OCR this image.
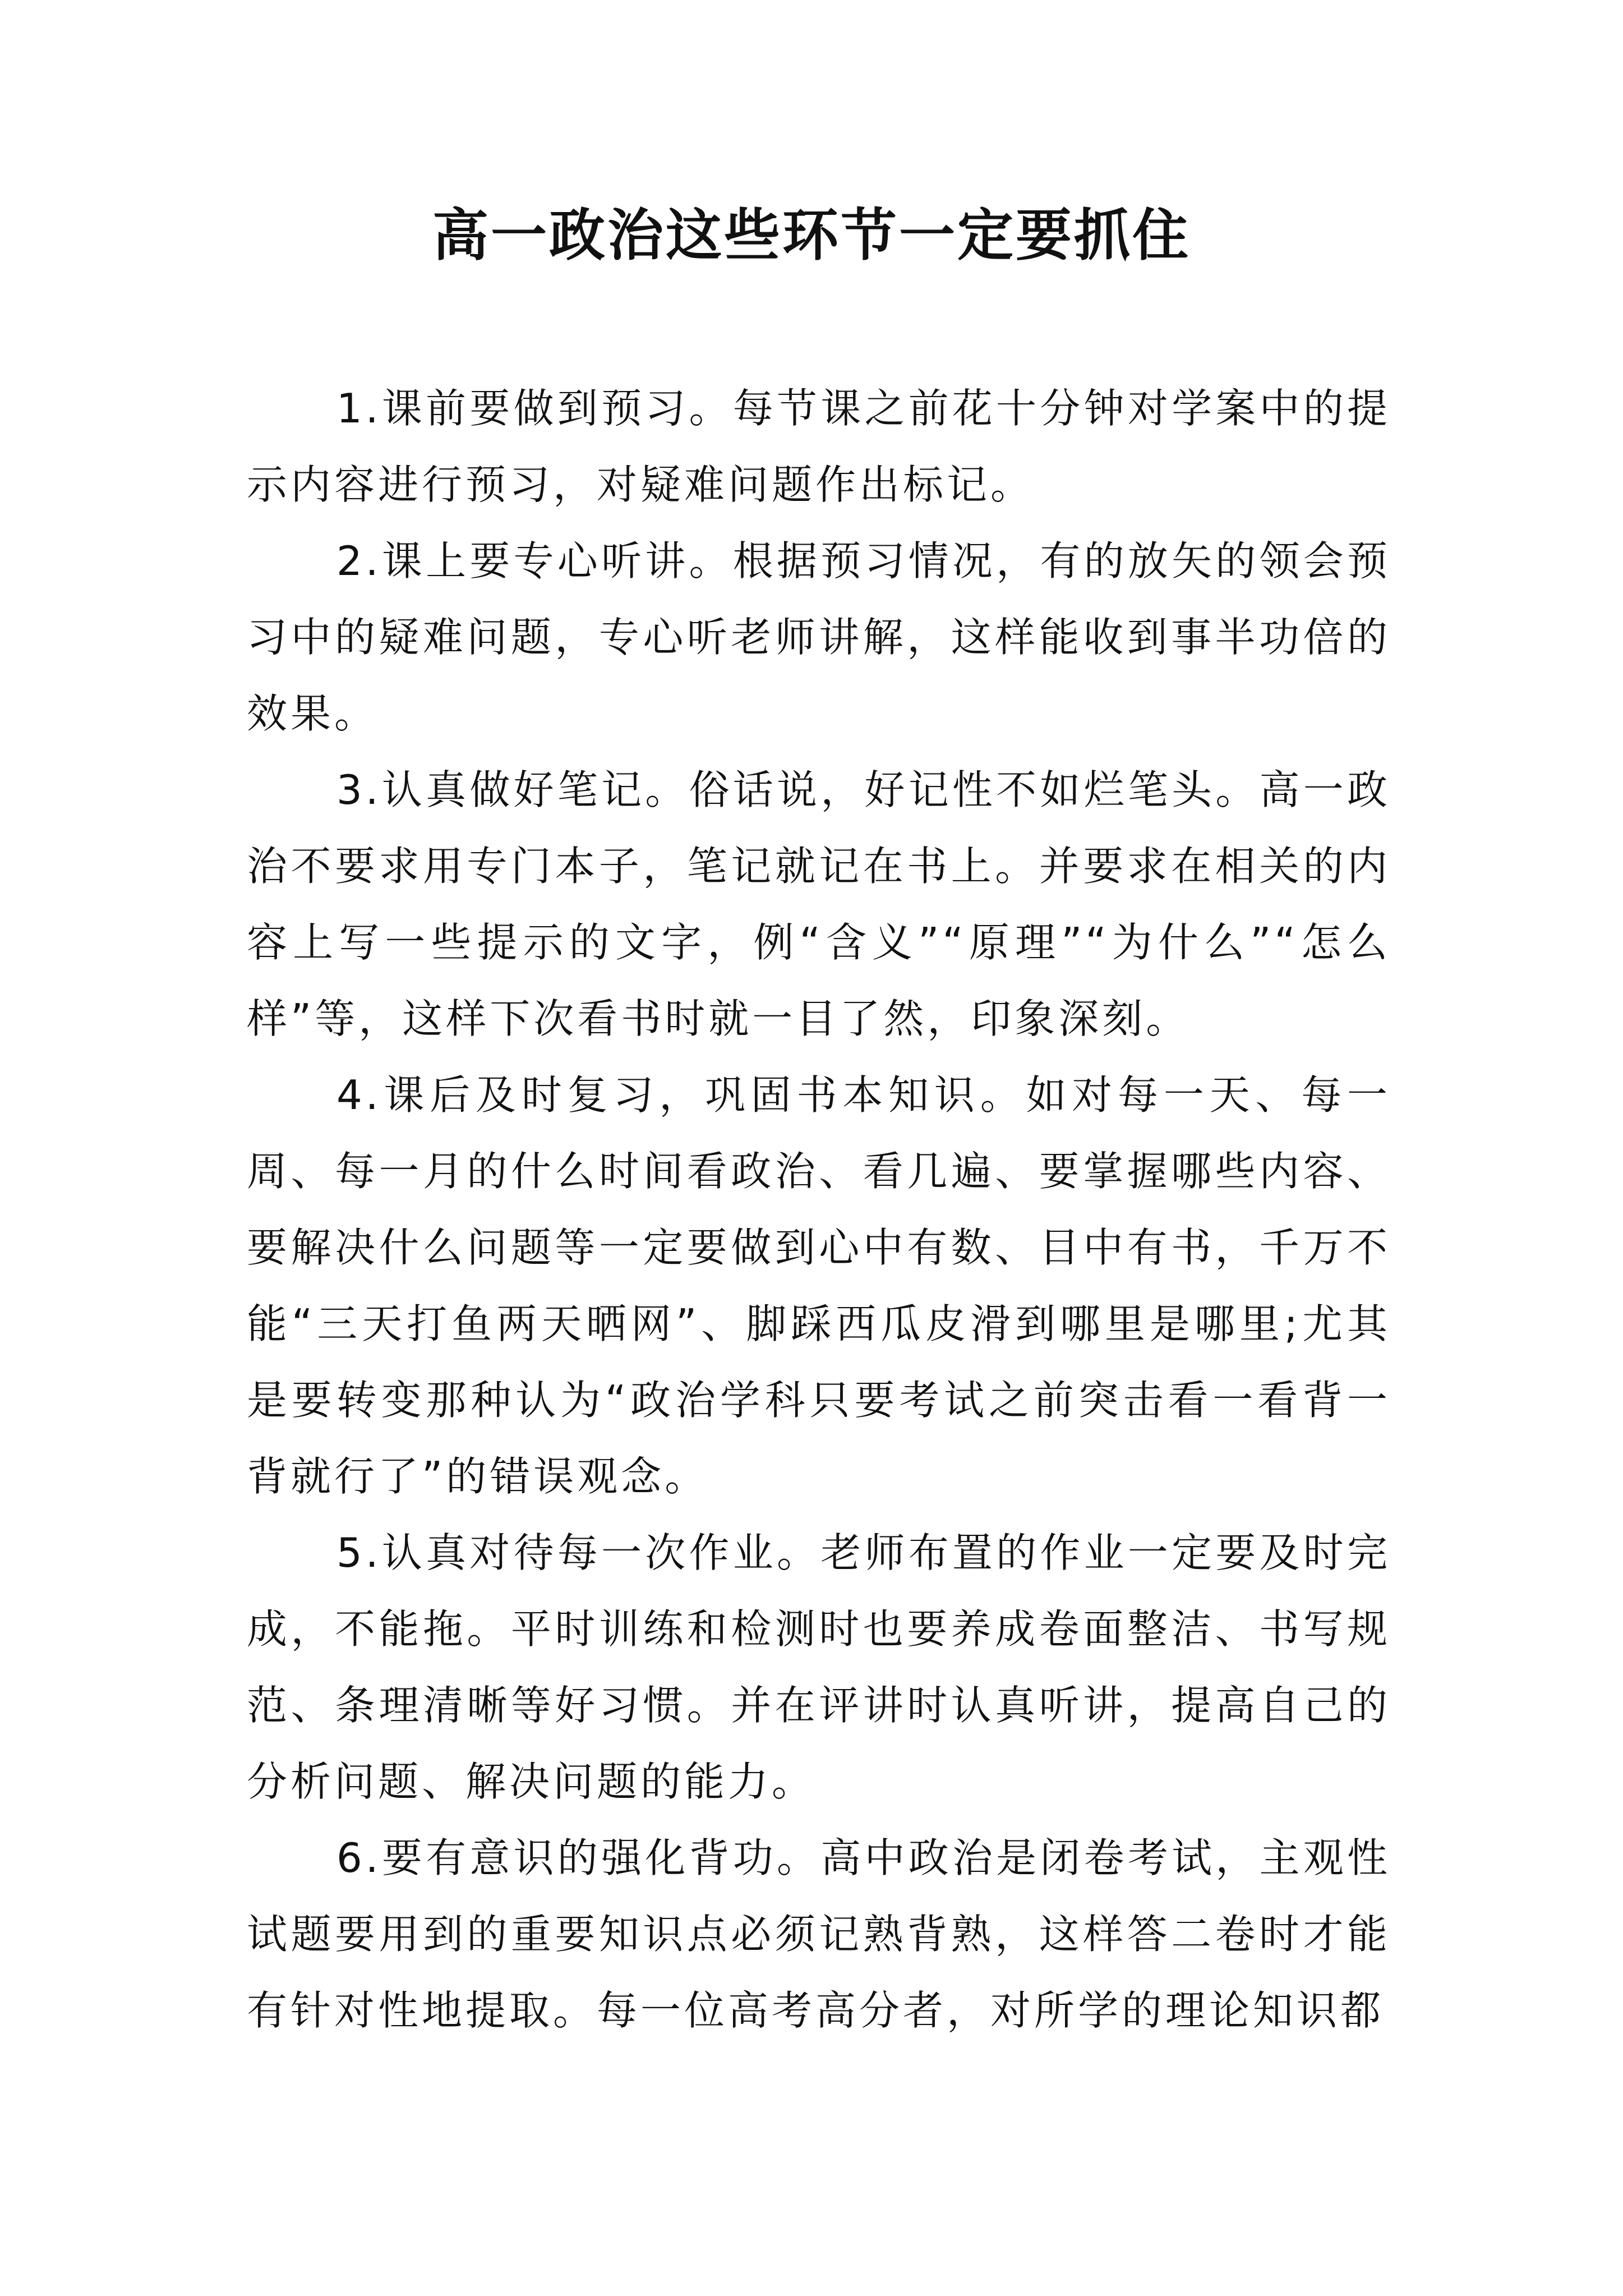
高一政治这些环节一定要抓住

1.课前要做到预习。每节课之前花十分钟对学案中的提示内容进行预习，对疑难问题作出标记。

2.课上要专心听讲。根据预习情况，有的放矢的领会预习中的疑难问题，专心听老师讲解，这样能收到事半功倍的效果。

3.认真做好笔记。俗话说，好记性不如烂笔头。高一政治不要求用专门本子，笔记就记在书上。并要求在相关的内容上写一些提示的文字，例“含义”“原理”“为什么”“怎么样”等，这样下次看书时就一目了然，印象深刻。

4.课后及时复习，巩固书本知识。如对每一天、每一周、每一月的什么时间看政治、看几遍、要掌握哪些内容、要解决什么问题等一定要做到心中有数、目中有书，千万不能“三天打鱼两天晒网”、脚踩西瓜皮滑到哪里是哪里;尤其是要转变那种认为“政治学科只要考试之前突击看一看背一背就行了”的错误观念。

5.认真对待每一次作业。老师布置的作业一定要及时完成，不能拖。平时训练和检测时也要养成卷面整洁、书写规范、条理清晰等好习惯。并在评讲时认真听讲，提高自己的分析问题、解决问题的能力。

6.要有意识的强化背功。高中政治是闭卷考试，主观性试题要用到的重要知识点必须记熟背熟，这样答二卷时才能有针对性地提取。每一位高考高分者，对所学的理论知识都
